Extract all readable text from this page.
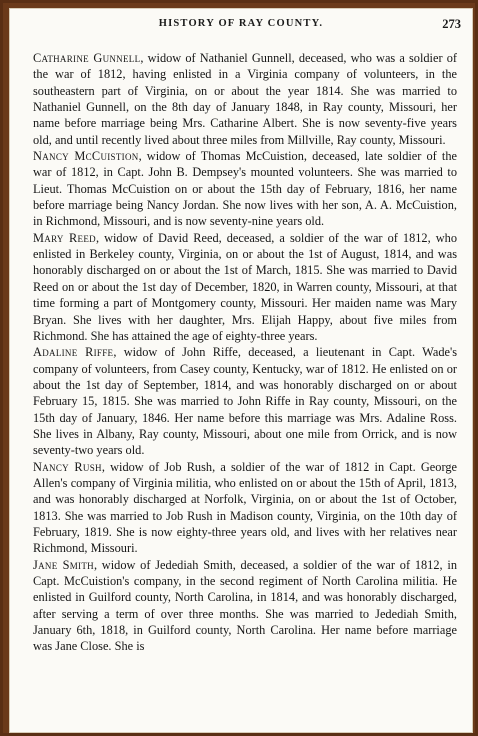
HISTORY OF RAY COUNTY.	273

Catharine Gunnell, widow of Nathaniel Gunnell, deceased, who was a soldier of the war of 1812, having enlisted in a Virginia company of volunteers, in the southeastern part of Virginia, on or about the year 1814. She was married to Nathaniel Gunnell, on the 8th day of January 1848, in Ray county, Missouri, her name before marriage being Mrs. Catharine Albert. She is now seventy-five years old, and until recently lived about three miles from Millville, Ray county, Missouri.

Nancy McCuistion, widow of Thomas McCuistion, deceased, late soldier of the war of 1812, in Capt. John B. Dempsey's mounted volunteers. She was married to Lieut. Thomas McCuistion on or about the 15th day of February, 1816, her name before marriage being Nancy Jordan. She now lives with her son, A. A. McCuistion, in Richmond, Missouri, and is now seventy-nine years old.

Mary Reed, widow of David Reed, deceased, a soldier of the war of 1812, who enlisted in Berkeley county, Virginia, on or about the 1st of August, 1814, and was honorably discharged on or about the 1st of March, 1815. She was married to David Reed on or about the 1st day of December, 1820, in Warren county, Missouri, at that time forming a part of Montgomery county, Missouri. Her maiden name was Mary Bryan. She lives with her daughter, Mrs. Elijah Happy, about five miles from Richmond. She has attained the age of eighty-three years.

Adaline Riffe, widow of John Riffe, deceased, a lieutenant in Capt. Wade's company of volunteers, from Casey county, Kentucky, war of 1812. He enlisted on or about the 1st day of September, 1814, and was honorably discharged on or about February 15, 1815. She was married to John Riffe in Ray county, Missouri, on the 15th day of January, 1846. Her name before this marriage was Mrs. Adaline Ross. She lives in Albany, Ray county, Missouri, about one mile from Orrick, and is now seventy-two years old.

Nancy Rush, widow of Job Rush, a soldier of the war of 1812 in Capt. George Allen's company of Virginia militia, who enlisted on or about the 15th of April, 1813, and was honorably discharged at Norfolk, Virginia, on or about the 1st of October, 1813. She was married to Job Rush in Madison county, Virginia, on the 10th day of February, 1819. She is now eighty-three years old, and lives with her relatives near Richmond, Missouri.

Jane Smith, widow of Jedediah Smith, deceased, a soldier of the war of 1812, in Capt. McCuistion's company, in the second regiment of North Carolina militia. He enlisted in Guilford county, North Carolina, in 1814, and was honorably discharged, after serving a term of over three months. She was married to Jedediah Smith, January 6th, 1818, in Guilford county, North Carolina. Her name before marriage was Jane Close. She is
